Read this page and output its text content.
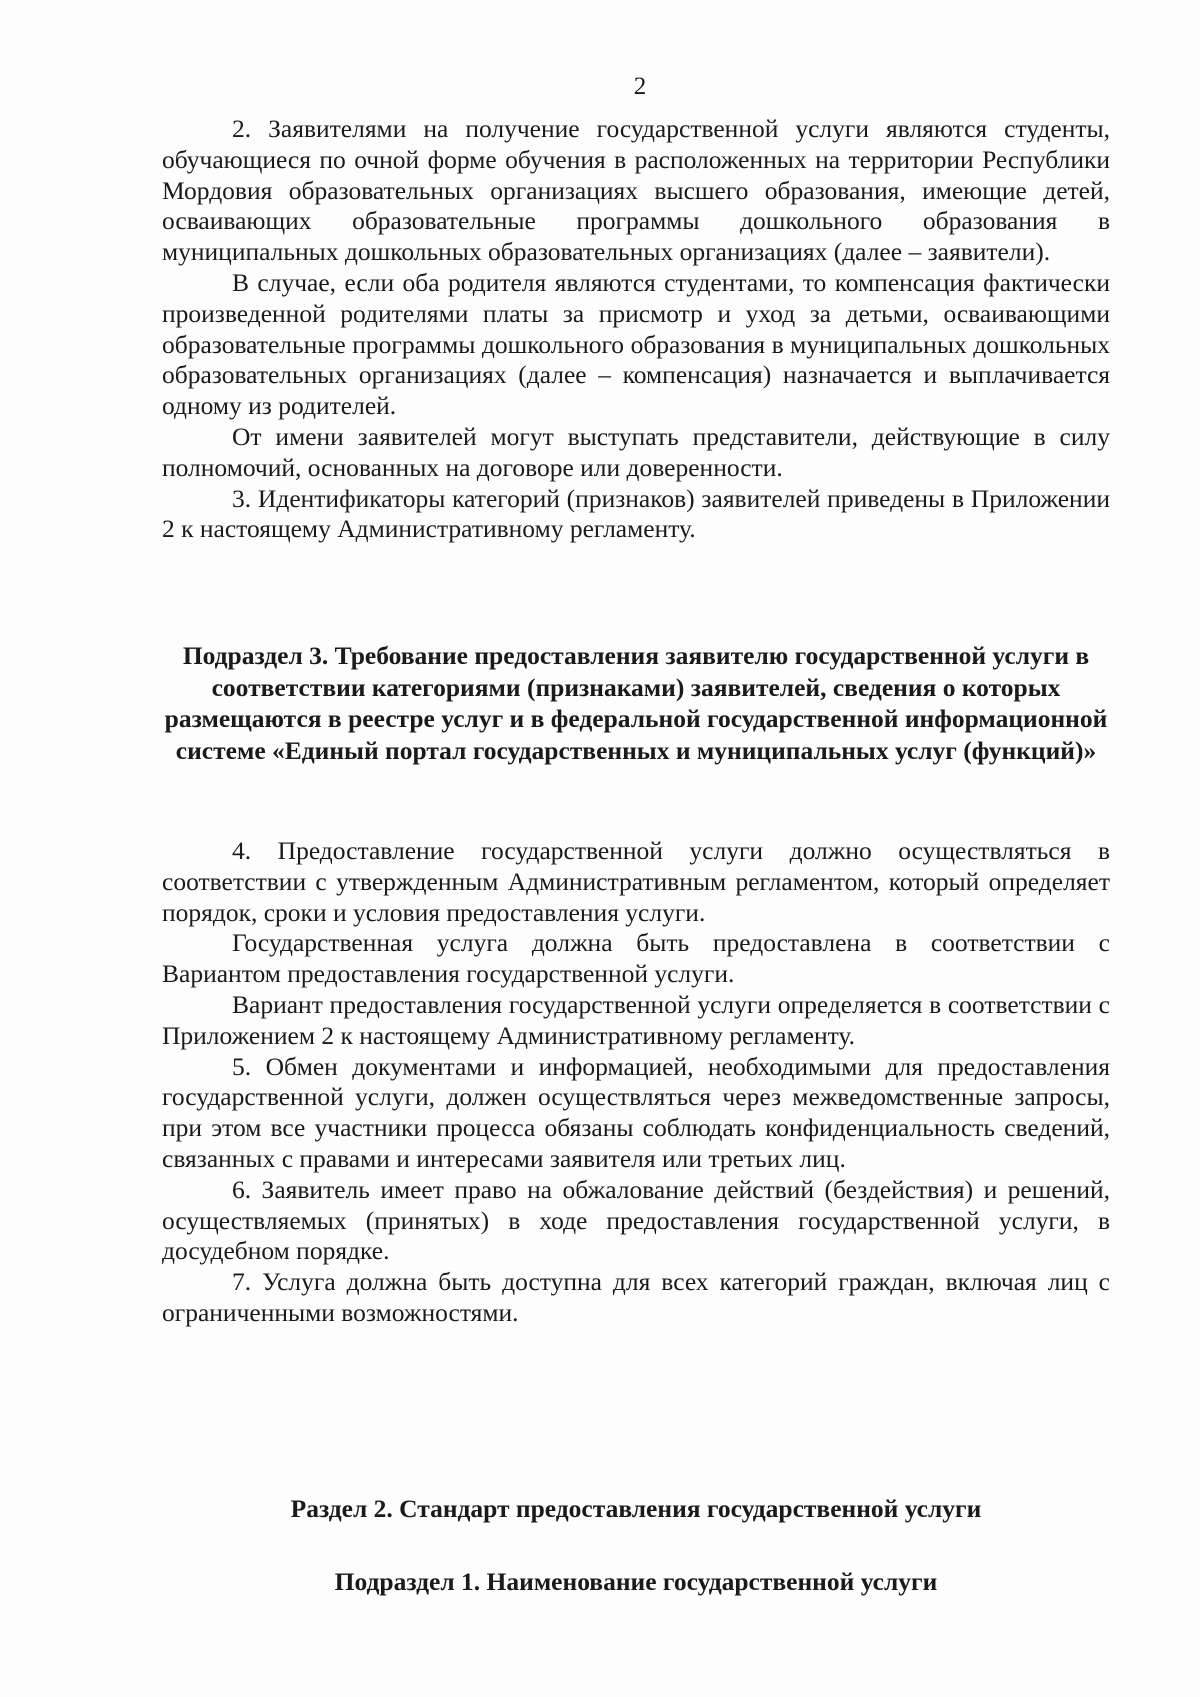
2

2. Заявителями на получение государственной услуги являются студенты, обучающиеся по очной форме обучения в расположенных на территории Республики Мордовия образовательных организациях высшего образования, имеющие детей, осваивающих образовательные программы дошкольного образования в муниципальных дошкольных образовательных организациях (далее – заявители).

В случае, если оба родителя являются студентами, то компенсация фактически произведенной родителями платы за присмотр и уход за детьми, осваивающими образовательные программы дошкольного образования в муниципальных дошкольных образовательных организациях (далее – компенсация) назначается и выплачивается одному из родителей.

От имени заявителей могут выступать представители, действующие в силу полномочий, основанных на договоре или доверенности.

3. Идентификаторы категорий (признаков) заявителей приведены в Приложении 2 к настоящему Административному регламенту.

Подраздел 3. Требование предоставления заявителю государственной услуги в соответствии категориями (признаками) заявителей, сведения о которых размещаются в реестре услуг и в федеральной государственной информационной системе «Единый портал государственных и муниципальных услуг (функций)»

4. Предоставление государственной услуги должно осуществляться в соответствии с утвержденным Административным регламентом, который определяет порядок, сроки и условия предоставления услуги.

Государственная услуга должна быть предоставлена в соответствии с Вариантом предоставления государственной услуги.

Вариант предоставления государственной услуги определяется в соответствии с Приложением 2 к настоящему Административному регламенту.

5. Обмен документами и информацией, необходимыми для предоставления государственной услуги, должен осуществляться через межведомственные запросы, при этом все участники процесса обязаны соблюдать конфиденциальность сведений, связанных с правами и интересами заявителя или третьих лиц.

6. Заявитель имеет право на обжалование действий (бездействия) и решений, осуществляемых (принятых) в ходе предоставления государственной услуги, в досудебном порядке.

7. Услуга должна быть доступна для всех категорий граждан, включая лиц с ограниченными возможностями.

Раздел 2. Стандарт предоставления государственной услуги

Подраздел 1. Наименование государственной услуги
